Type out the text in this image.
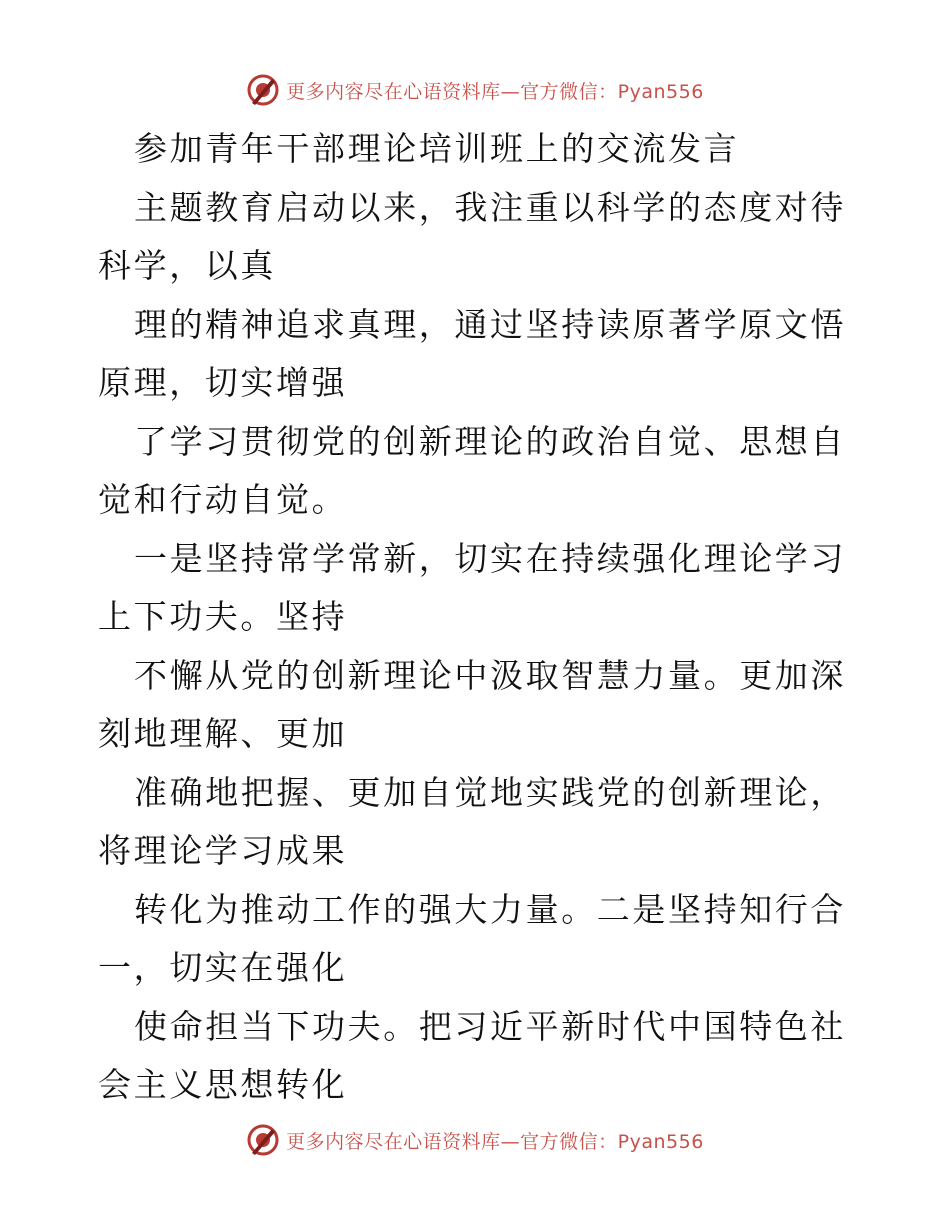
更多内容尽在心语资料库—官方微信：Pyan556

参加青年干部理论培训班上的交流发言

主题教育启动以来，我注重以科学的态度对待科学，以真

理的精神追求真理，通过坚持读原著学原文悟原理，切实增强

了学习贯彻党的创新理论的政治自觉、思想自觉和行动自觉。

一是坚持常学常新，切实在持续强化理论学习上下功夫。坚持

不懈从党的创新理论中汲取智慧力量。更加深刻地理解、更加

准确地把握、更加自觉地实践党的创新理论，将理论学习成果

转化为推动工作的强大力量。二是坚持知行合一，切实在强化

使命担当下功夫。把习近平新时代中国特色社会主义思想转化

更多内容尽在心语资料库—官方微信：Pyan556
